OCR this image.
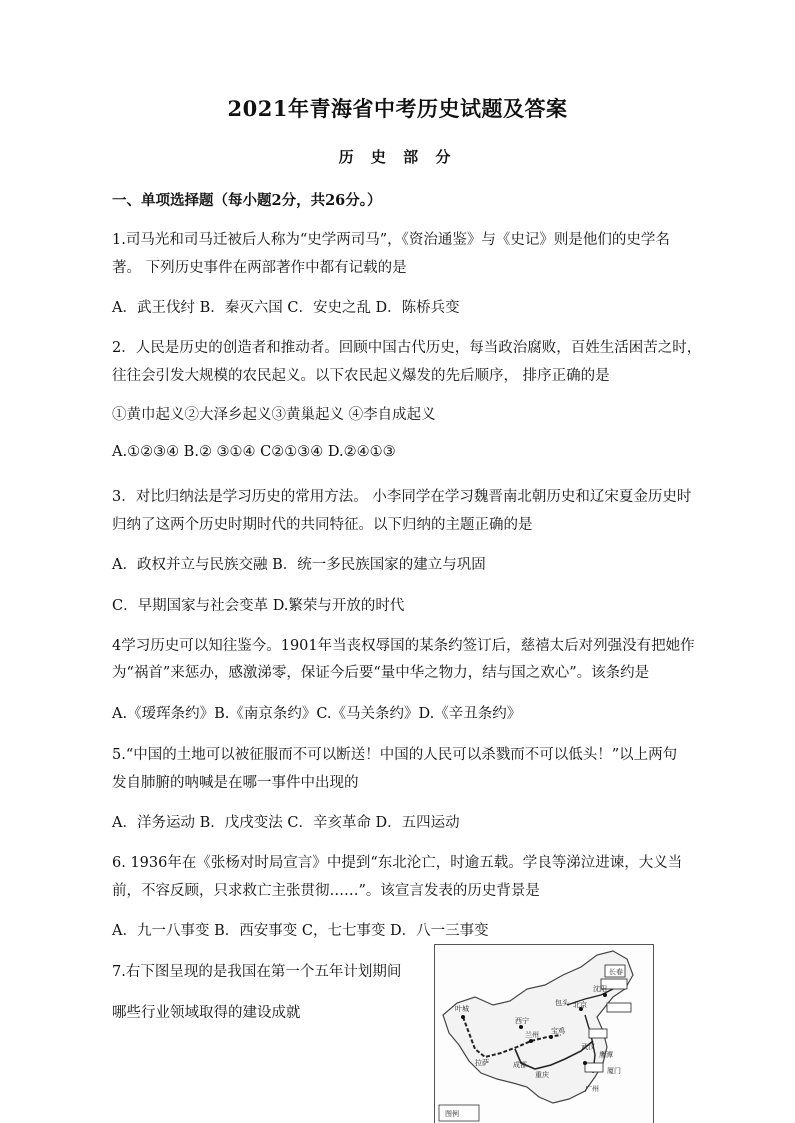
2021年青海省中考历史试题及答案
历 史 部 分
一、单项选择题（每小题2分，共26分。）
1.司马光和司马迁被后人称为“史学两司马”，《资治通鉴》与《史记》则是他们的史学名
著。 下列历史事件在两部著作中都有记载的是
A．武王伐纣 B．秦灭六国 C．安史之乱 D．陈桥兵变
2．人民是历史的创造者和推动者。回顾中国古代历史，每当政治腐败，百姓生活困苦之时，
往往会引发大规模的农民起义。以下农民起义爆发的先后顺序， 排序正确的是
①黄巾起义②大泽乡起义③黄巢起义 ④李自成起义
A.①②③④ B.② ③①④ C②①③④ D.②④①③
3．对比归纳法是学习历史的常用方法。 小李同学在学习魏晋南北朝历史和辽宋夏金历史时
归纳了这两个历史时期时代的共同特征。以下归纳的主题正确的是
A．政权并立与民族交融 B．统一多民族国家的建立与巩固
C．早期国家与社会变革 D.繁荣与开放的时代
4学习历史可以知往鉴今。1901年当丧权辱国的某条约签订后，慈禧太后对列强没有把她作
为“祸首”来惩办，感激涕零，保证今后要“量中华之物力，结与国之欢心”。该条约是
A.《瑷珲条约》B.《南京条约》C.《马关条约》D.《辛丑条约》
5.“中国的土地可以被征服而不可以断送！中国的人民可以杀戮而不可以低头！”以上两句
发自肺腑的呐喊是在哪一事件中出现的
A．洋务运动 B．戊戌变法 C．辛亥革命 D．五四运动
6. 1936年在《张杨对时局宣言》中提到“东北沦亡，时逾五载。学良等涕泣进谏，大义当
前，不容反顾，只求救亡主张贯彻……”。该宣言发表的历史背景是
A．九一八事变 B．西安事变 C，七七事变 D．八一三事变
7.右下图呈现的是我国在第一个五年计划期间
哪些行业领域取得的建设成就	叶城
西宁
兰州 宝鸡
沈阳
长春
北京
包头
成都
重庆
武汉
广州
厦门
鹰潭
拉萨
图例
